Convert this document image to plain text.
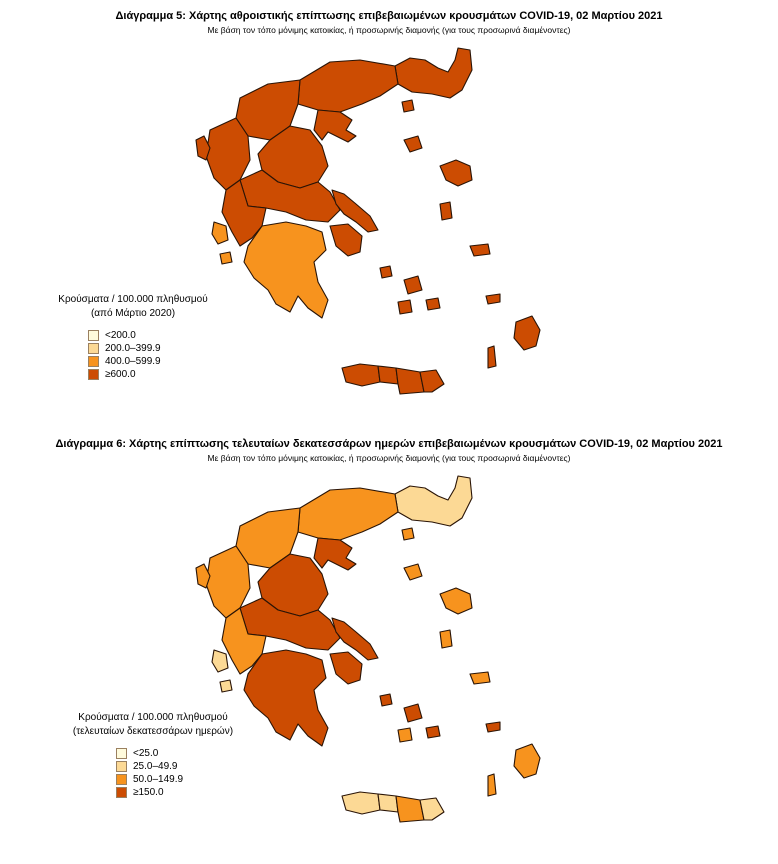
Διάγραμμα 5: Χάρτης αθροιστικής επίπτωσης επιβεβαιωμένων κρουσμάτων COVID-19, 02 Μαρτίου 2021
Με βάση τον τόπο μόνιμης κατοικίας, ή προσωρινής διαμονής (για τους προσωρινά διαμένοντες)
Κρούσματα / 100.000 πληθυσμού
(από Μάρτιο 2020)
<200.0
200.0–399.9
400.0–599.9
≥600.0
Διάγραμμα 6: Χάρτης επίπτωσης τελευταίων δεκατεσσάρων ημερών επιβεβαιωμένων κρουσμάτων COVID-19, 02 Μαρτίου 2021
Με βάση τον τόπο μόνιμης κατοικίας, ή προσωρινής διαμονής (για τους προσωρινά διαμένοντες)
Κρούσματα / 100.000 πληθυσμού
(τελευταίων δεκατεσσάρων ημερών)
<25.0
25.0–49.9
50.0–149.9
≥150.0
